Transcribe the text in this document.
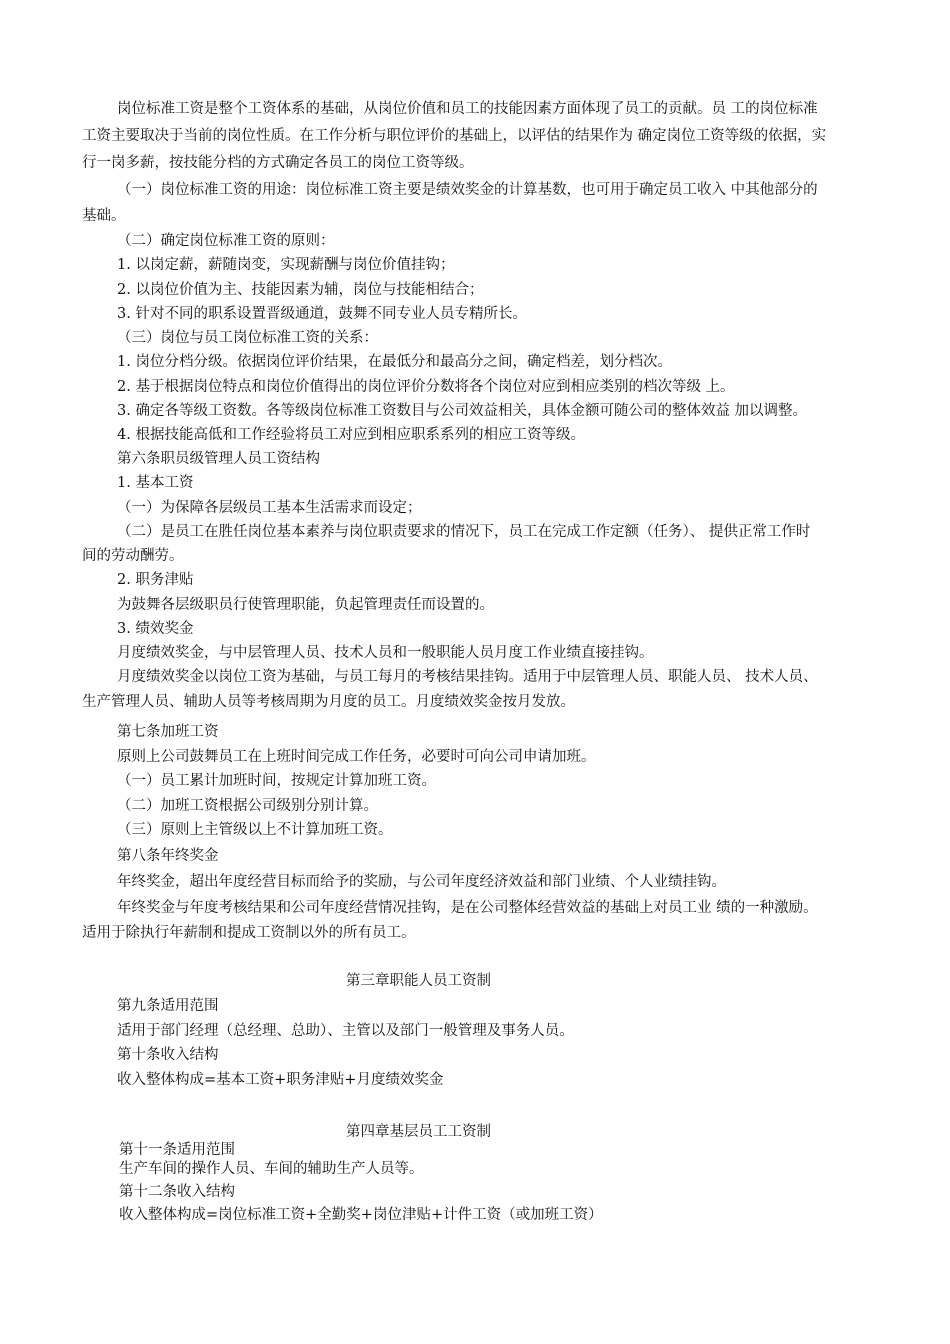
岗位标准工资是整个工资体系的基础，从岗位价值和员工的技能因素方面体现了员工的贡献。员 工的岗位标准
工资主要取决于当前的岗位性质。在工作分析与职位评价的基础上，以评估的结果作为 确定岗位工资等级的依据，实
行一岗多薪，按技能分档的方式确定各员工的岗位工资等级。
（一）岗位标准工资的用途：岗位标准工资主要是绩效奖金的计算基数，也可用于确定员工收入 中其他部分的
基础。
（二）确定岗位标准工资的原则：
1. 以岗定薪，薪随岗变，实现薪酬与岗位价值挂钩；
2. 以岗位价值为主、技能因素为辅，岗位与技能相结合；
3. 针对不同的职系设置晋级通道，鼓舞不同专业人员专精所长。
（三）岗位与员工岗位标准工资的关系：
1. 岗位分档分级。依据岗位评价结果，在最低分和最高分之间，确定档差，划分档次。
2. 基于根据岗位特点和岗位价值得出的岗位评价分数将各个岗位对应到相应类别的档次等级 上。
3. 确定各等级工资数。各等级岗位标准工资数目与公司效益相关，具体金额可随公司的整体效益 加以调整。
4. 根据技能高低和工作经验将员工对应到相应职系系列的相应工资等级。
第六条职员级管理人员工资结构
1. 基本工资
（一）为保障各层级员工基本生活需求而设定；
（二）是员工在胜任岗位基本素养与岗位职责要求的情况下，员工在完成工作定额（任务）、 提供正常工作时
间的劳动酬劳。
2. 职务津贴
为鼓舞各层级职员行使管理职能，负起管理责任而设置的。
3. 绩效奖金
月度绩效奖金，与中层管理人员、技术人员和一般职能人员月度工作业绩直接挂钩。
月度绩效奖金以岗位工资为基础，与员工每月的考核结果挂钩。适用于中层管理人员、职能人员、 技术人员、
生产管理人员、辅助人员等考核周期为月度的员工。月度绩效奖金按月发放。
第七条加班工资
原则上公司鼓舞员工在上班时间完成工作任务，必要时可向公司申请加班。
（一）员工累计加班时间，按规定计算加班工资。
（二）加班工资根据公司级别分别计算。
（三）原则上主管级以上不计算加班工资。
第八条年终奖金
年终奖金，超出年度经营目标而给予的奖励，与公司年度经济效益和部门业绩、个人业绩挂钩。
年终奖金与年度考核结果和公司年度经营情况挂钩，是在公司整体经营效益的基础上对员工业 绩的一种激励。
适用于除执行年薪制和提成工资制以外的所有员工。
第三章职能人员工资制
第九条适用范围
适用于部门经理（总经理、总助）、主管以及部门一般管理及事务人员。
第十条收入结构
收入整体构成=基本工资+职务津贴+月度绩效奖金
第四章基层员工工资制
第十一条适用范围
生产车间的操作人员、车间的辅助生产人员等。
第十二条收入结构
收入整体构成=岗位标准工资+全勤奖+岗位津贴+计件工资（或加班工资）
